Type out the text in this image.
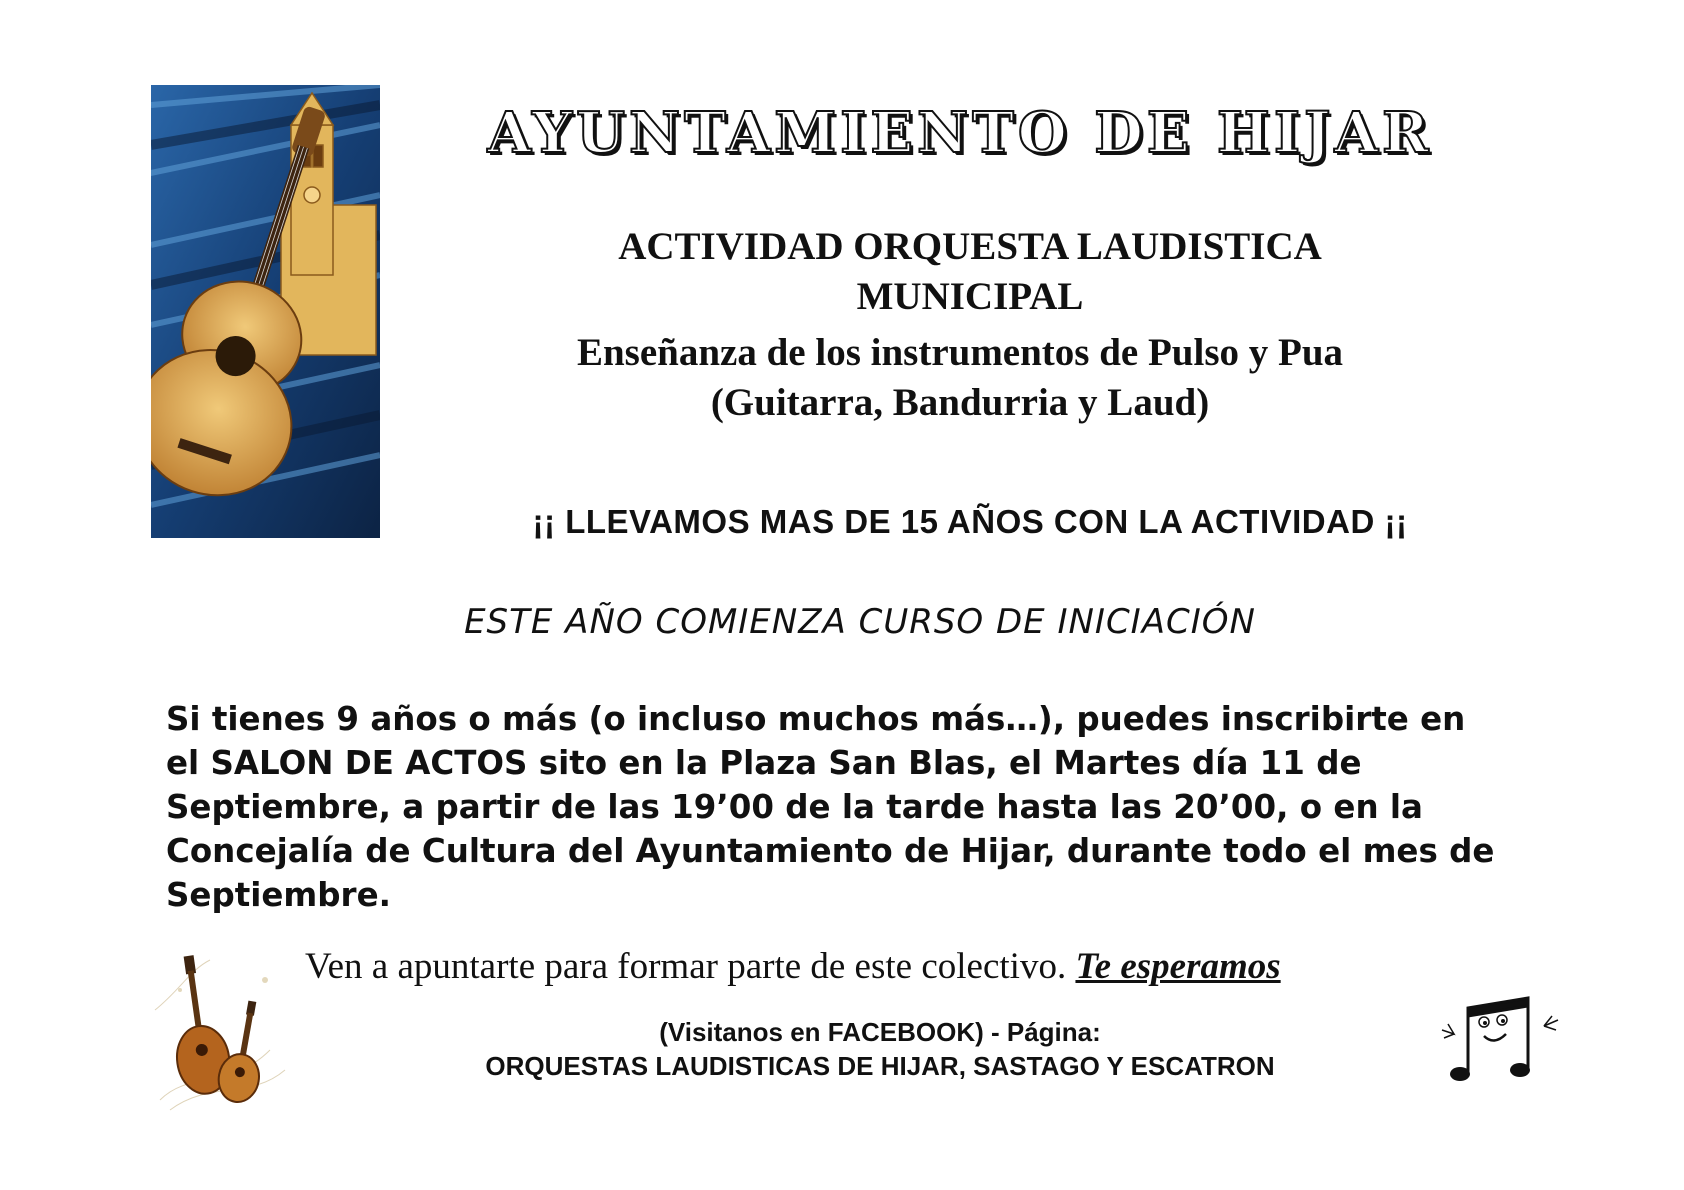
AYUNTAMIENTO DE HIJAR
ACTIVIDAD ORQUESTA LAUDISTICA
MUNICIPAL
Enseñanza de los instrumentos de Pulso y Pua
(Guitarra, Bandurria y Laud)
¡¡ LLEVAMOS MAS DE 15 AÑOS CON LA ACTIVIDAD ¡¡
ESTE AÑO COMIENZA CURSO DE INICIACIÓN
Si tienes 9 años o más (o incluso muchos más…), puedes inscribirte en
el SALON DE ACTOS sito en la Plaza San Blas, el Martes día 11 de
Septiembre, a partir de las 19’00 de la tarde hasta las 20’00, o en la
Concejalía de Cultura del Ayuntamiento de Hijar, durante todo el mes de
Septiembre.
Ven a apuntarte para formar parte de este colectivo. Te esperamos
(Visitanos en FACEBOOK) - Página:
ORQUESTAS LAUDISTICAS DE HIJAR, SASTAGO Y ESCATRON
